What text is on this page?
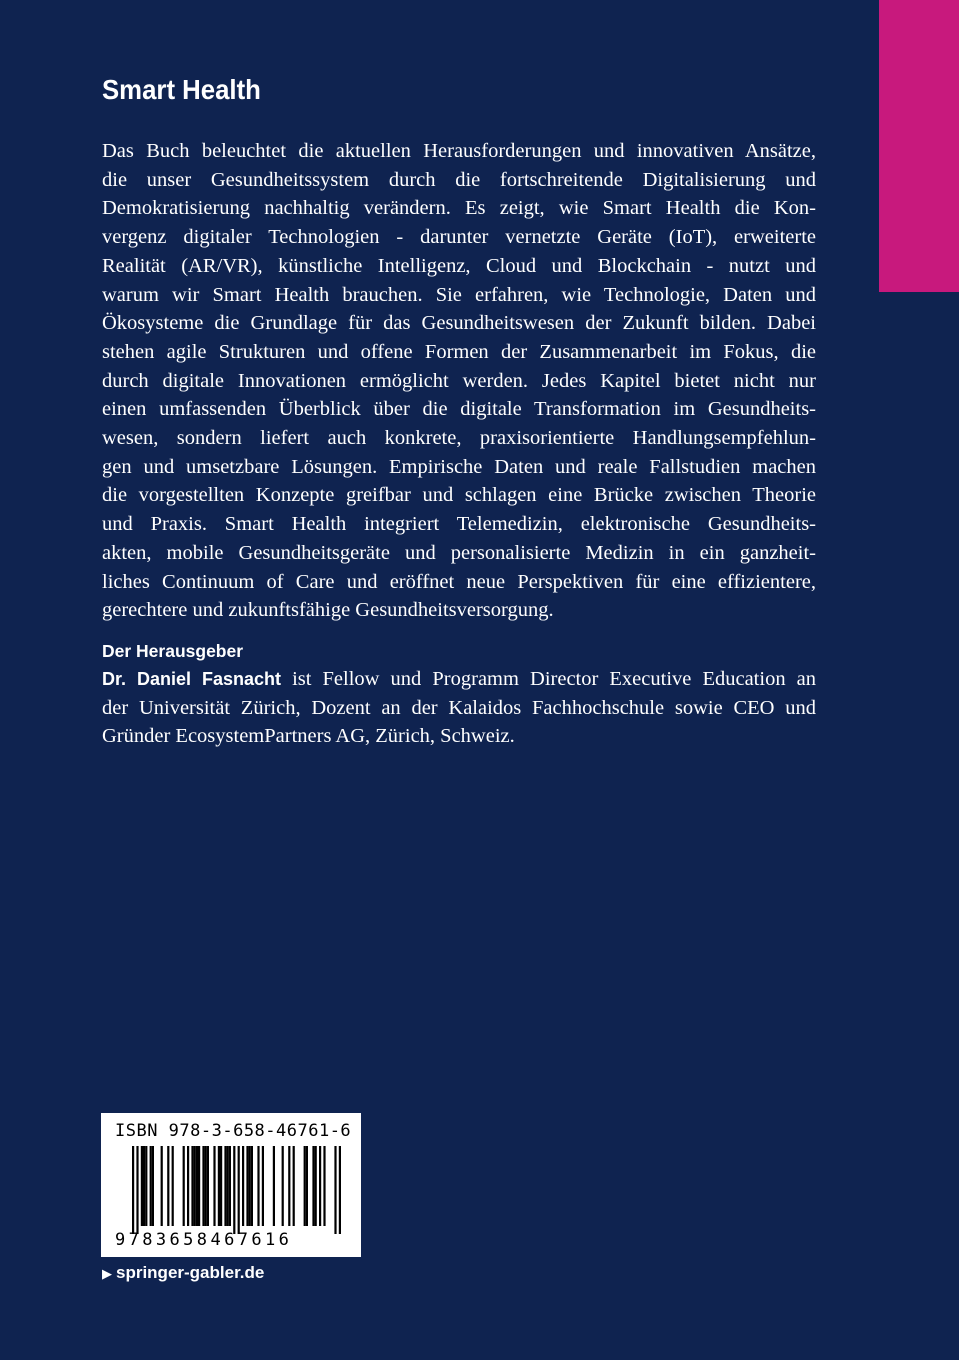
Smart Health
Das Buch beleuchtet die aktuellen Herausforderungen und innovativen Ansätze,
die unser Gesundheitssystem durch die fortschreitende Digitalisierung und
Demokratisierung nachhaltig verändern. Es zeigt, wie Smart Health die Kon-
vergenz digitaler Technologien - darunter vernetzte Geräte (IoT), erweiterte
Realität (AR/VR), künstliche Intelligenz, Cloud und Blockchain - nutzt und
warum wir Smart Health brauchen. Sie erfahren, wie Technologie, Daten und
Ökosysteme die Grundlage für das Gesundheitswesen der Zukunft bilden. Dabei
stehen agile Strukturen und offene Formen der Zusammenarbeit im Fokus, die
durch digitale Innovationen ermöglicht werden. Jedes Kapitel bietet nicht nur
einen umfassenden Überblick über die digitale Transformation im Gesundheits-
wesen, sondern liefert auch konkrete, praxisorientierte Handlungsempfehlun-
gen und umsetzbare Lösungen. Empirische Daten und reale Fallstudien machen
die vorgestellten Konzepte greifbar und schlagen eine Brücke zwischen Theorie
und Praxis. Smart Health integriert Telemedizin, elektronische Gesundheits-
akten, mobile Gesundheitsgeräte und personalisierte Medizin in ein ganzheit-
liches Continuum of Care und eröffnet neue Perspektiven für eine effizientere,
gerechtere und zukunftsfähige Gesundheitsversorgung.
Der Herausgeber
Dr. Daniel Fasnacht ist Fellow und Programm Director Executive Education an
der Universität Zürich, Dozent an der Kalaidos Fachhochschule sowie CEO und
Gründer EcosystemPartners AG, Zürich, Schweiz.
ISBN 978-3-658-46761-6
9783658467616
▶ springer-gabler.de
